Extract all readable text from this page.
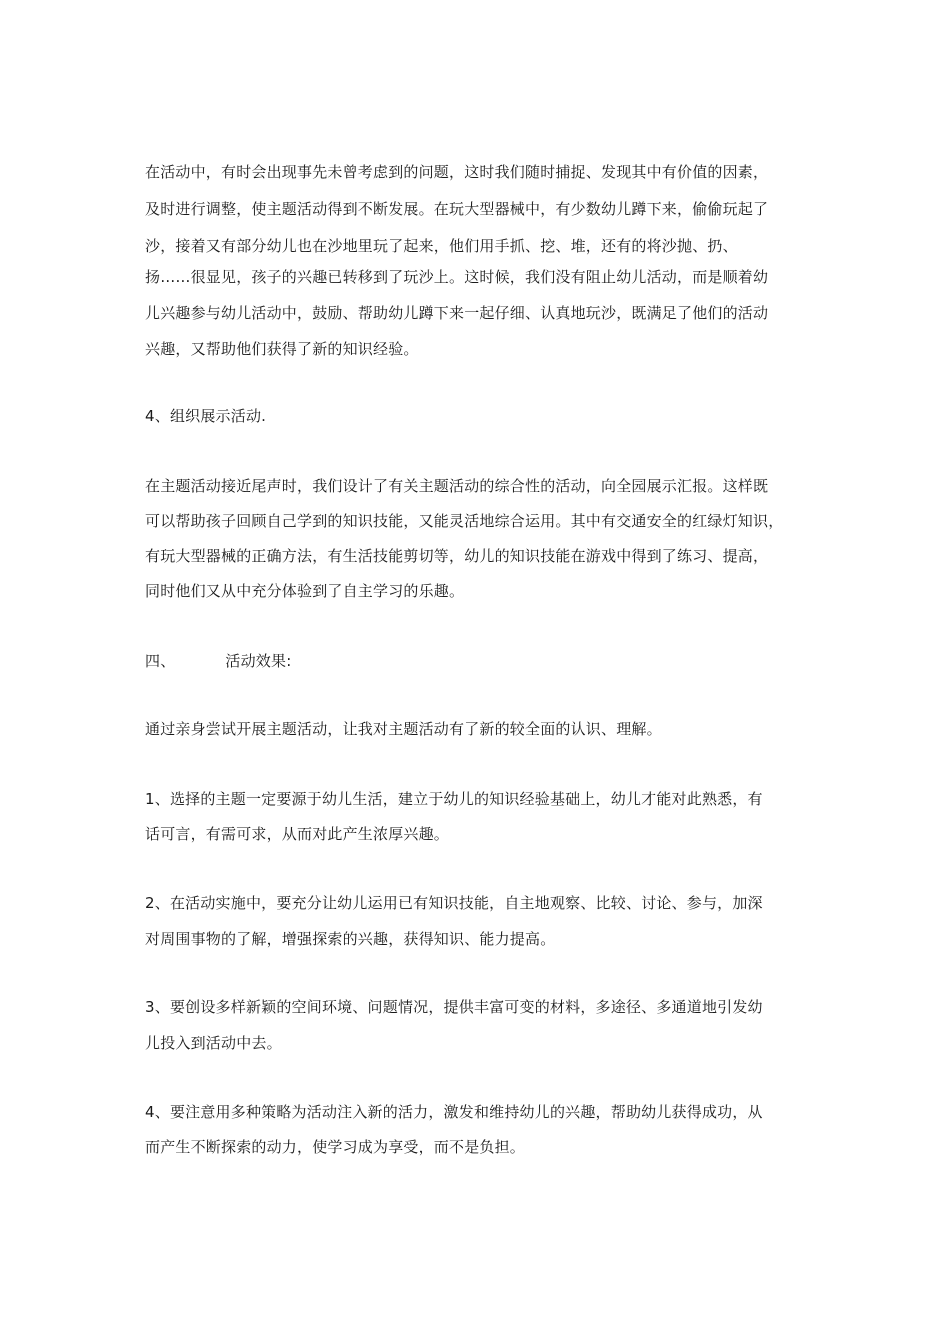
在活动中，有时会出现事先未曾考虑到的问题，这时我们随时捕捉、发现其中有价值的因素，
及时进行调整，使主题活动得到不断发展。在玩大型器械中，有少数幼儿蹲下来，偷偷玩起了
沙，接着又有部分幼儿也在沙地里玩了起来，他们用手抓、挖、堆，还有的将沙抛、扔、
扬……很显见，孩子的兴趣已转移到了玩沙上。这时候，我们没有阻止幼儿活动，而是顺着幼
儿兴趣参与幼儿活动中，鼓励、帮助幼儿蹲下来一起仔细、认真地玩沙，既满足了他们的活动
兴趣，又帮助他们获得了新的知识经验。
4、组织展示活动.
在主题活动接近尾声时，我们设计了有关主题活动的综合性的活动，向全园展示汇报。这样既
可以帮助孩子回顾自己学到的知识技能，又能灵活地综合运用。其中有交通安全的红绿灯知识，
有玩大型器械的正确方法，有生活技能剪切等，幼儿的知识技能在游戏中得到了练习、提高，
同时他们又从中充分体验到了自主学习的乐趣。
四、	活动效果:
通过亲身尝试开展主题活动，让我对主题活动有了新的较全面的认识、理解。
1、选择的主题一定要源于幼儿生活，建立于幼儿的知识经验基础上，幼儿才能对此熟悉，有
话可言，有需可求，从而对此产生浓厚兴趣。
2、在活动实施中，要充分让幼儿运用已有知识技能，自主地观察、比较、讨论、参与，加深
对周围事物的了解，增强探索的兴趣，获得知识、能力提高。
3、要创设多样新颖的空间环境、问题情况，提供丰富可变的材料，多途径、多通道地引发幼
儿投入到活动中去。
4、要注意用多种策略为活动注入新的活力，激发和维持幼儿的兴趣，帮助幼儿获得成功，从
而产生不断探索的动力，使学习成为享受，而不是负担。
